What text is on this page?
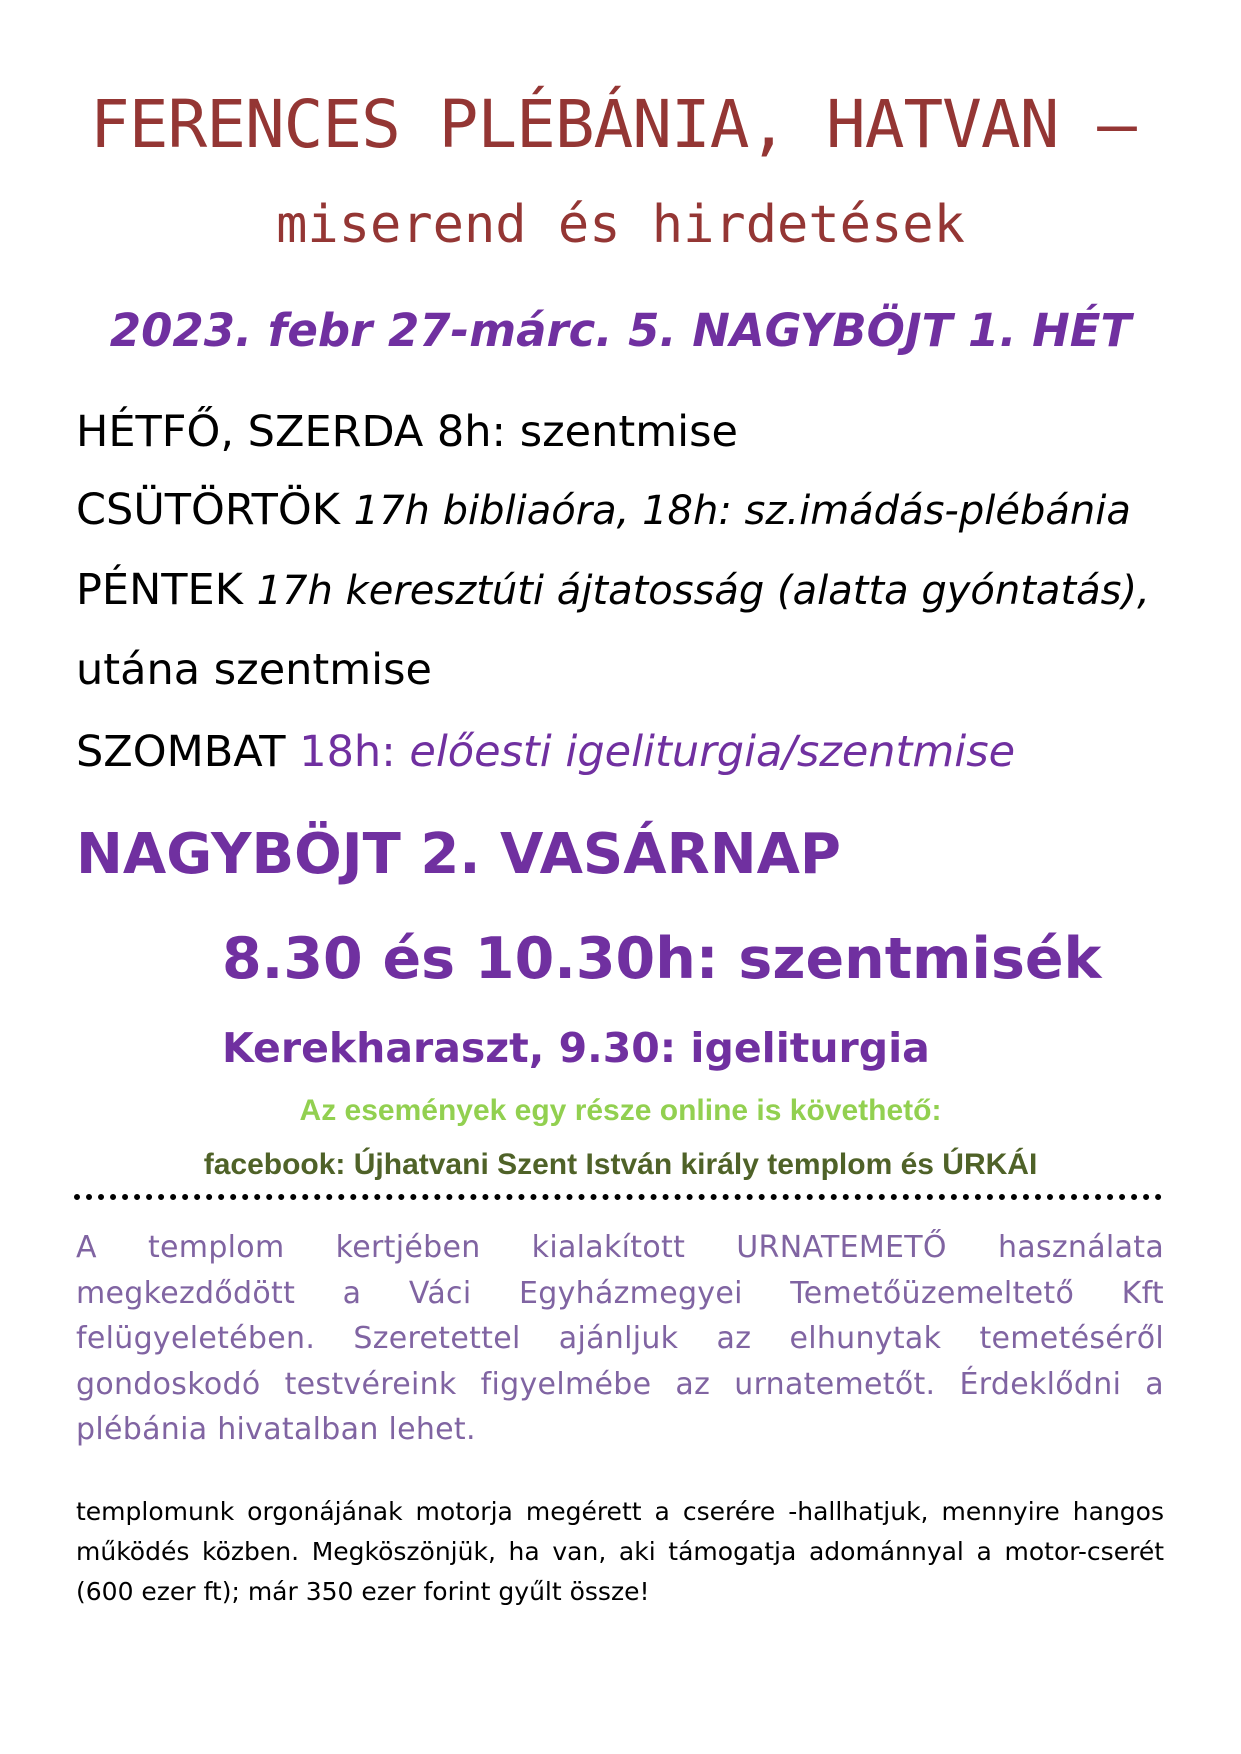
FERENCES PLÉBÁNIA, HATVAN –
miserend és hirdetések
2023. febr 27-márc. 5. NAGYBÖJT 1. HÉT
HÉTFŐ, SZERDA 8h: szentmise
CSÜTÖRTÖK 17h bibliaóra, 18h: sz.imádás-plébánia
PÉNTEK 17h keresztúti ájtatosság (alatta gyóntatás),
utána szentmise
SZOMBAT 18h: előesti igeliturgia/szentmise
NAGYBÖJT 2. VASÁRNAP
8.30 és 10.30h: szentmisék
Kerekharaszt, 9.30: igeliturgia
Az események egy része online is követhető:
facebook: Újhatvani Szent István király templom és ÚRKÁI
A templom kertjében kialakított URNATEMETŐ használata megkezdődött a Váci Egyházmegyei Temetőüzemeltető Kft felügyeletében. Szeretettel ajánljuk az elhunytak temetéséről gondoskodó testvéreink figyelmébe az urnatemetőt. Érdeklődni a plébánia hivatalban lehet.
templomunk orgonájának motorja megérett a cserére -hallhatjuk, mennyire hangos működés közben. Megköszönjük, ha van, aki támogatja adománnyal a motor-cserét (600 ezer ft); már 350 ezer forint gyűlt össze!
